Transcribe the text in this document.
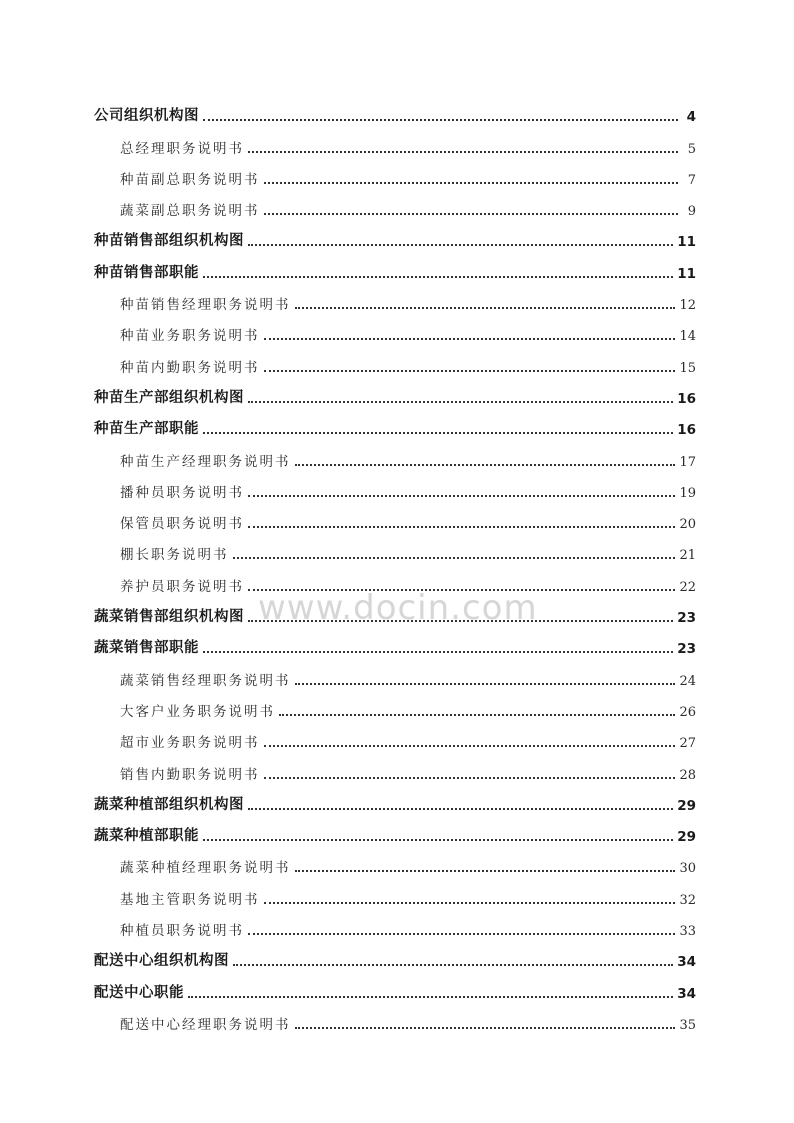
公司组织机构图	4
总经理职务说明书	5
种苗副总职务说明书	7
蔬菜副总职务说明书	9
种苗销售部组织机构图	11
种苗销售部职能	11
种苗销售经理职务说明书	12
种苗业务职务说明书	14
种苗内勤职务说明书	15
种苗生产部组织机构图	16
种苗生产部职能	16
种苗生产经理职务说明书	17
播种员职务说明书	19
保管员职务说明书	20
棚长职务说明书	21
养护员职务说明书	22
蔬菜销售部组织机构图	23
蔬菜销售部职能	23
蔬菜销售经理职务说明书	24
大客户业务职务说明书	26
超市业务职务说明书	27
销售内勤职务说明书	28
蔬菜种植部组织机构图	29
蔬菜种植部职能	29
蔬菜种植经理职务说明书	30
基地主管职务说明书	32
种植员职务说明书	33
配送中心组织机构图	34
配送中心职能	34
配送中心经理职务说明书	35
www.docin.com
